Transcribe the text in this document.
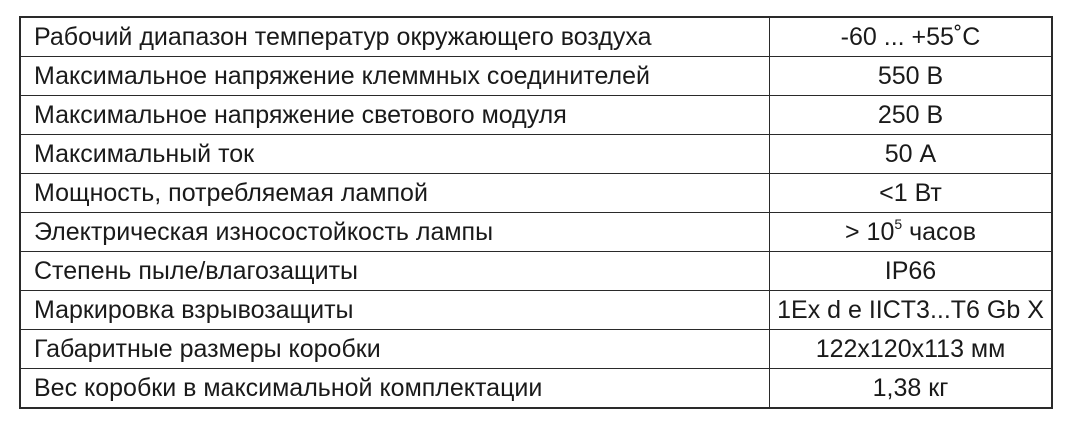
Рабочий диапазон температур окружающего воздуха	-60 ... +55˚С
Максимальное напряжение клеммных соединителей	550 В
Максимальное напряжение светового модуля	250 В
Максимальный ток	50 А
Мощность, потребляемая лампой	<1 Вт
Электрическая износостойкость лампы	> $10^5$ часов
Степень пыле/влагозащиты	IP66
Маркировка взрывозащиты	1Ex d e IICT3...T6 Gb X
Габаритные размеры коробки	122x120x113 мм
Вес коробки в максимальной комплектации	1,38 кг
